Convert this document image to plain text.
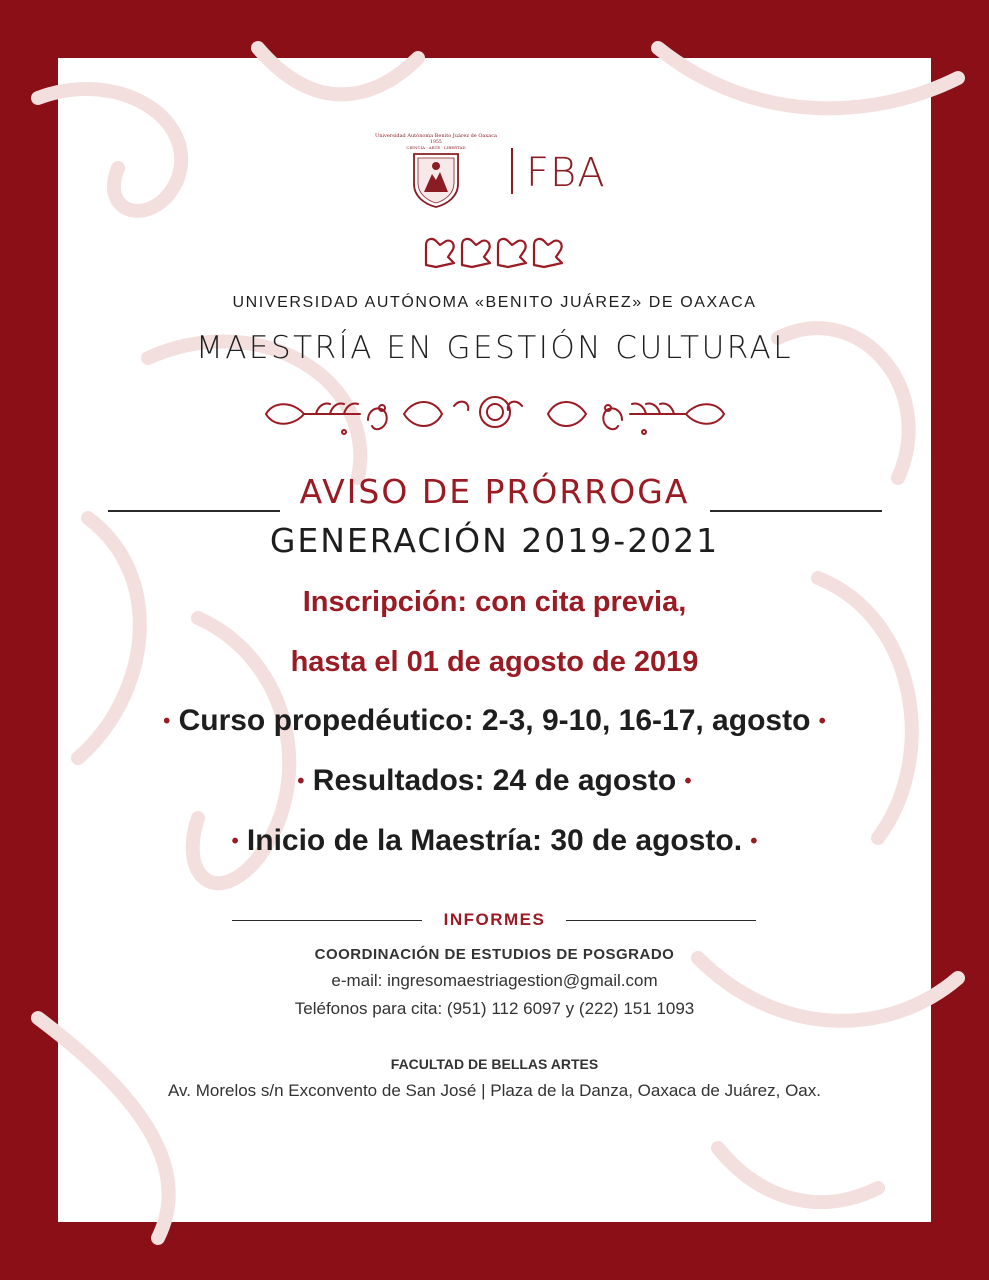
Universidad Autónoma Benito Juárez de Oaxaca
1955
CIENCIA · ARTE · LIBERTAD
FBA
UNIVERSIDAD AUTÓNOMA «BENITO JUÁREZ» DE OAXACA
MAESTRÍA EN GESTIÓN CULTURAL
AVISO DE PRÓRROGA
GENERACIÓN 2019-2021
Inscripción: con cita previa,
hasta el 01 de agosto de 2019
• Curso propedéutico: 2-3, 9-10, 16-17, agosto •
• Resultados: 24 de agosto •
• Inicio de la Maestría: 30 de agosto. •
INFORMES
COORDINACIÓN DE ESTUDIOS DE POSGRADO
e-mail: ingresomaestriagestion@gmail.com
Teléfonos para cita: (951) 112 6097 y (222) 151 1093
FACULTAD DE BELLAS ARTES
Av. Morelos s/n Exconvento de San José | Plaza de la Danza, Oaxaca de Juárez, Oax.
